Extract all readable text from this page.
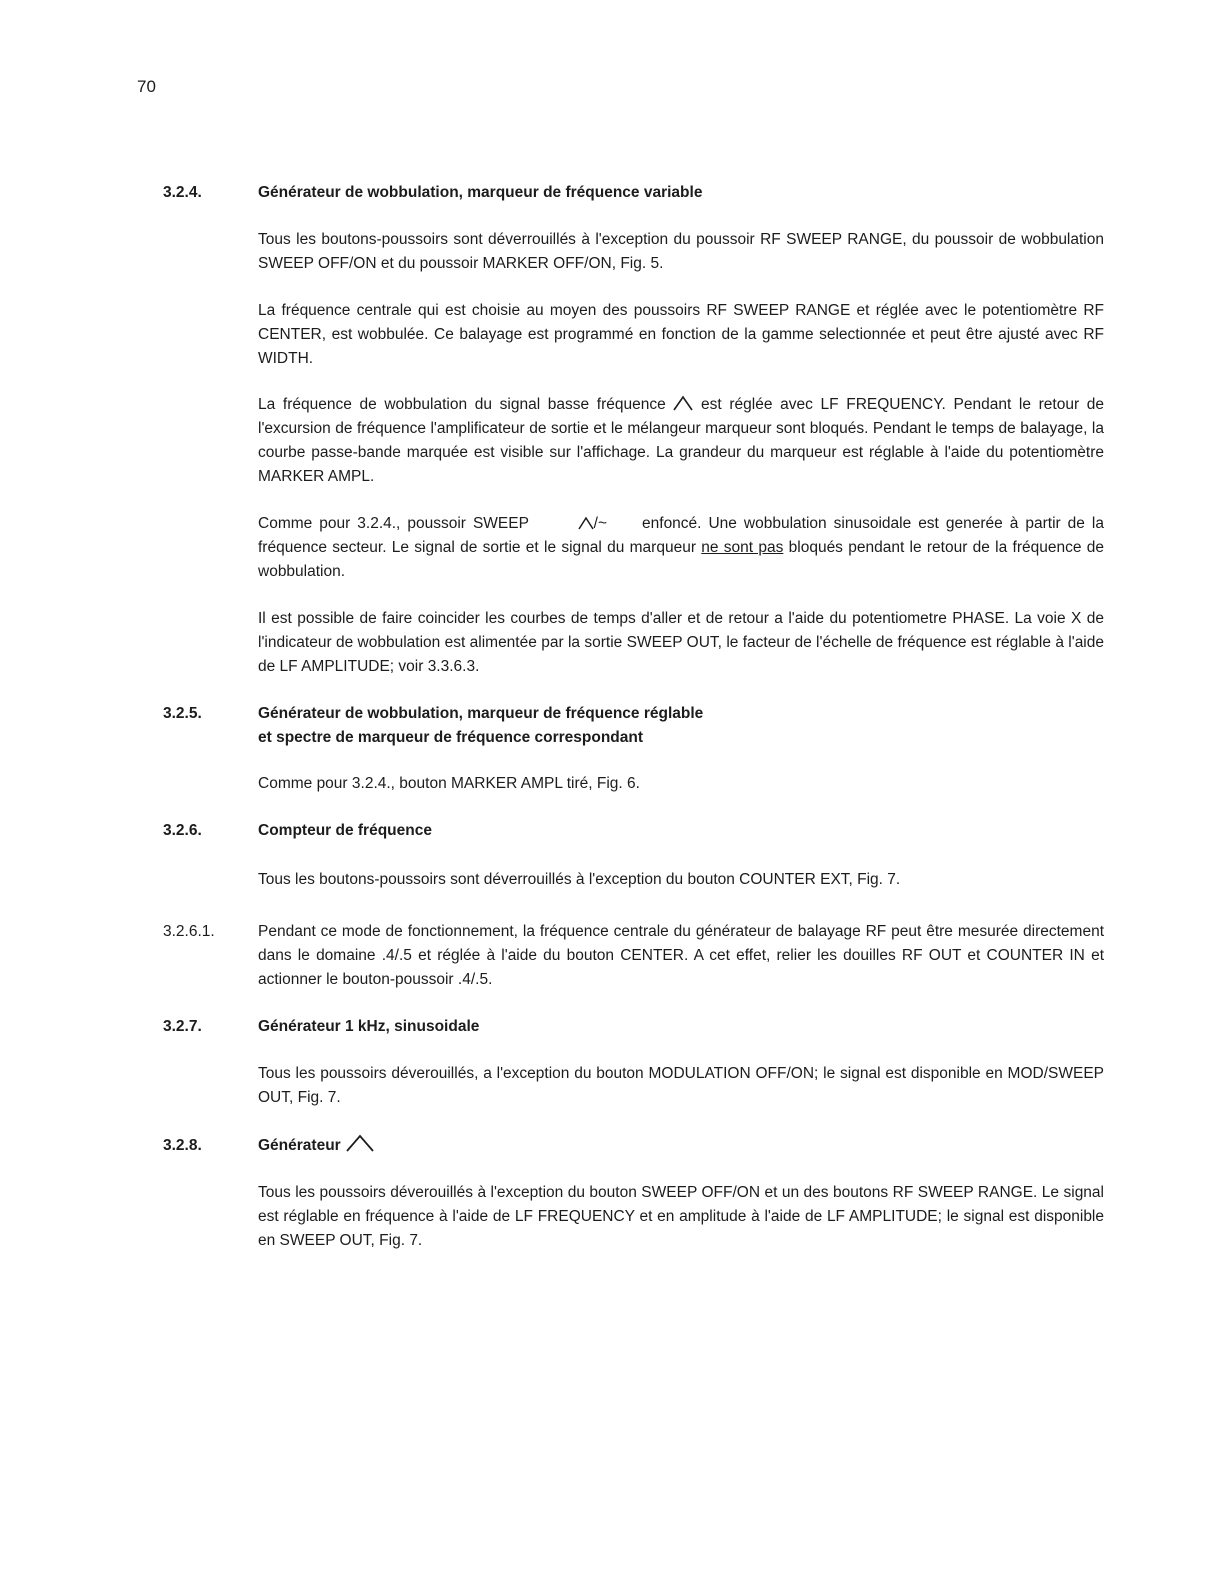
70
3.2.4.	Générateur de wobbulation, marqueur de fréquence variable

Tous les boutons-poussoirs sont déverrouillés à l'exception du poussoir RF SWEEP RANGE, du poussoir de wobbulation SWEEP OFF/ON et du poussoir MARKER OFF/ON, Fig. 5.

La fréquence centrale qui est choisie au moyen des poussoirs RF SWEEP RANGE et réglée avec le potentiomètre RF CENTER, est wobbulée. Ce balayage est programmé en fonction de la gamme selectionnée et peut être ajusté avec RF WIDTH.

La fréquence de wobbulation du signal basse fréquence est réglée avec LF FREQUENCY. Pendant le retour de l'excursion de fréquence l'amplificateur de sortie et le mélangeur marqueur sont bloqués. Pendant le temps de balayage, la courbe passe-bande marquée est visible sur l'affichage. La grandeur du marqueur est réglable à l'aide du potentiomètre MARKER AMPL.

Comme pour 3.2.4., poussoir SWEEP	/~ enfoncé. Une wobbulation sinusoidale est generée à partir de la fréquence secteur. Le signal de sortie et le signal du marqueur ne sont pas bloqués pendant le retour de la fréquence de wobbulation.

Il est possible de faire coincider les courbes de temps d'aller et de retour a l'aide du potentiometre PHASE. La voie X de l'indicateur de wobbulation est alimentée par la sortie SWEEP OUT, le facteur de l'échelle de fréquence est réglable à l'aide de LF AMPLITUDE; voir 3.3.6.3.

3.2.5.	Générateur de wobbulation, marqueur de fréquence réglable
et spectre de marqueur de fréquence correspondant

Comme pour 3.2.4., bouton MARKER AMPL tiré, Fig. 6.

3.2.6.	Compteur de fréquence

Tous les boutons-poussoirs sont déverrouillés à l'exception du bouton COUNTER EXT, Fig. 7.

3.2.6.1.	Pendant ce mode de fonctionnement, la fréquence centrale du générateur de balayage RF peut être mesurée directement dans le domaine .4/.5 et réglée à l'aide du bouton CENTER. A cet effet, relier les douilles RF OUT et COUNTER IN et actionner le bouton-poussoir .4/.5.

3.2.7.	Générateur 1 kHz, sinusoidale

Tous les poussoirs déverouillés, a l'exception du bouton MODULATION OFF/ON; le signal est disponible en MOD/SWEEP OUT, Fig. 7.

3.2.8.	Générateur

Tous les poussoirs déverouillés à l'exception du bouton SWEEP OFF/ON et un des boutons RF SWEEP RANGE. Le signal est réglable en fréquence à l'aide de LF FREQUENCY et en amplitude à l'aide de LF AMPLITUDE; le signal est disponible en SWEEP OUT, Fig. 7.
